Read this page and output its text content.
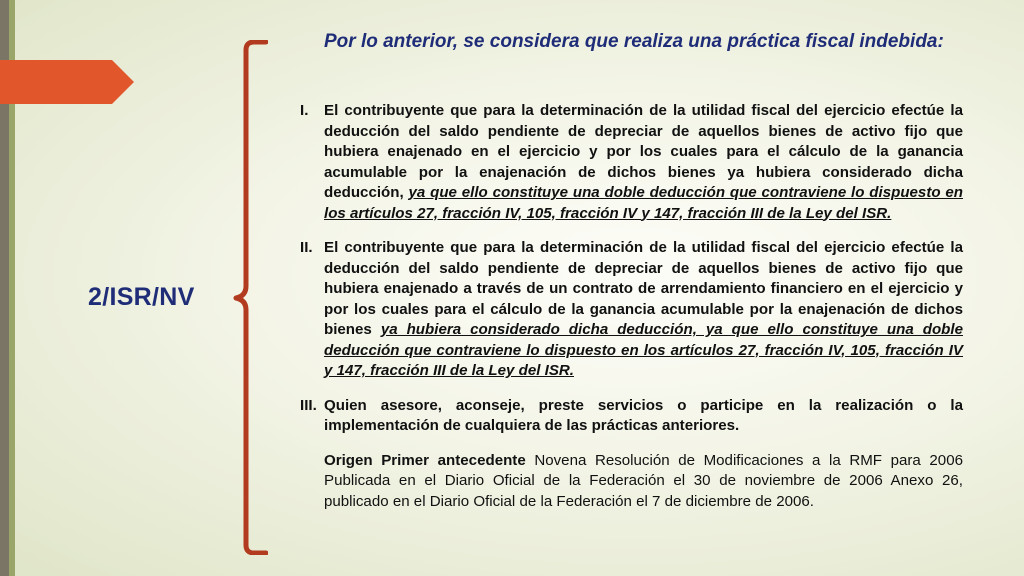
2/ISR/NV

Por lo anterior, se considera que realiza una práctica fiscal indebida:

I. El contribuyente que para la determinación de la utilidad fiscal del ejercicio efectúe la deducción del saldo pendiente de depreciar de aquellos bienes de activo fijo que hubiera enajenado en el ejercicio y por los cuales para el cálculo de la ganancia acumulable por la enajenación de dichos bienes ya hubiera considerado dicha deducción, ya que ello constituye una doble deducción que contraviene lo dispuesto en los artículos 27, fracción IV, 105, fracción IV y 147, fracción III de la Ley del ISR.

II. El contribuyente que para la determinación de la utilidad fiscal del ejercicio efectúe la deducción del saldo pendiente de depreciar de aquellos bienes de activo fijo que hubiera enajenado a través de un contrato de arrendamiento financiero en el ejercicio y por los cuales para el cálculo de la ganancia acumulable por la enajenación de dichos bienes ya hubiera considerado dicha deducción, ya que ello constituye una doble deducción que contraviene lo dispuesto en los artículos 27, fracción IV, 105, fracción IV y 147, fracción III de la Ley del ISR.

III. Quien asesore, aconseje, preste servicios o participe en la realización o la implementación de cualquiera de las prácticas anteriores.

Origen Primer antecedente Novena Resolución de Modificaciones a la RMF para 2006 Publicada en el Diario Oficial de la Federación el 30 de noviembre de 2006 Anexo 26, publicado en el Diario Oficial de la Federación el 7 de diciembre de 2006.
